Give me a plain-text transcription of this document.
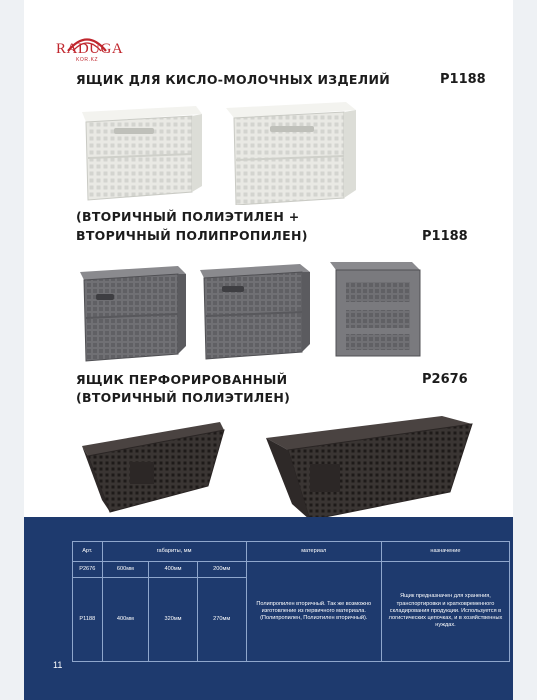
RADUGA
KOR.KZ
ЯЩИК ДЛЯ КИСЛО-МОЛОЧНЫХ ИЗДЕЛИЙ	P1188
(ВТОРИЧНЫЙ ПОЛИЭТИЛЕН +
ВТОРИЧНЫЙ ПОЛИПРОПИЛЕН)	P1188
ЯЩИК ПЕРФОРИРОВАННЫЙ
(ВТОРИЧНЫЙ ПОЛИЭТИЛЕН)
P2676
Арт.	габариты, мм			материал	назначение
P2676	600мм	400мм	200мм	Полипропилен вторичный. Так же возможно изготовление из первичного материала. (Полипропилен, Полиэтилен вторичный).	Ящик предназначен для хранения, транспортировки и кратковременного складирования продукции. Используется в логистических цепочках, и в хозяйственных нуждах.
P1188	400мм	320мм	270мм		
11
